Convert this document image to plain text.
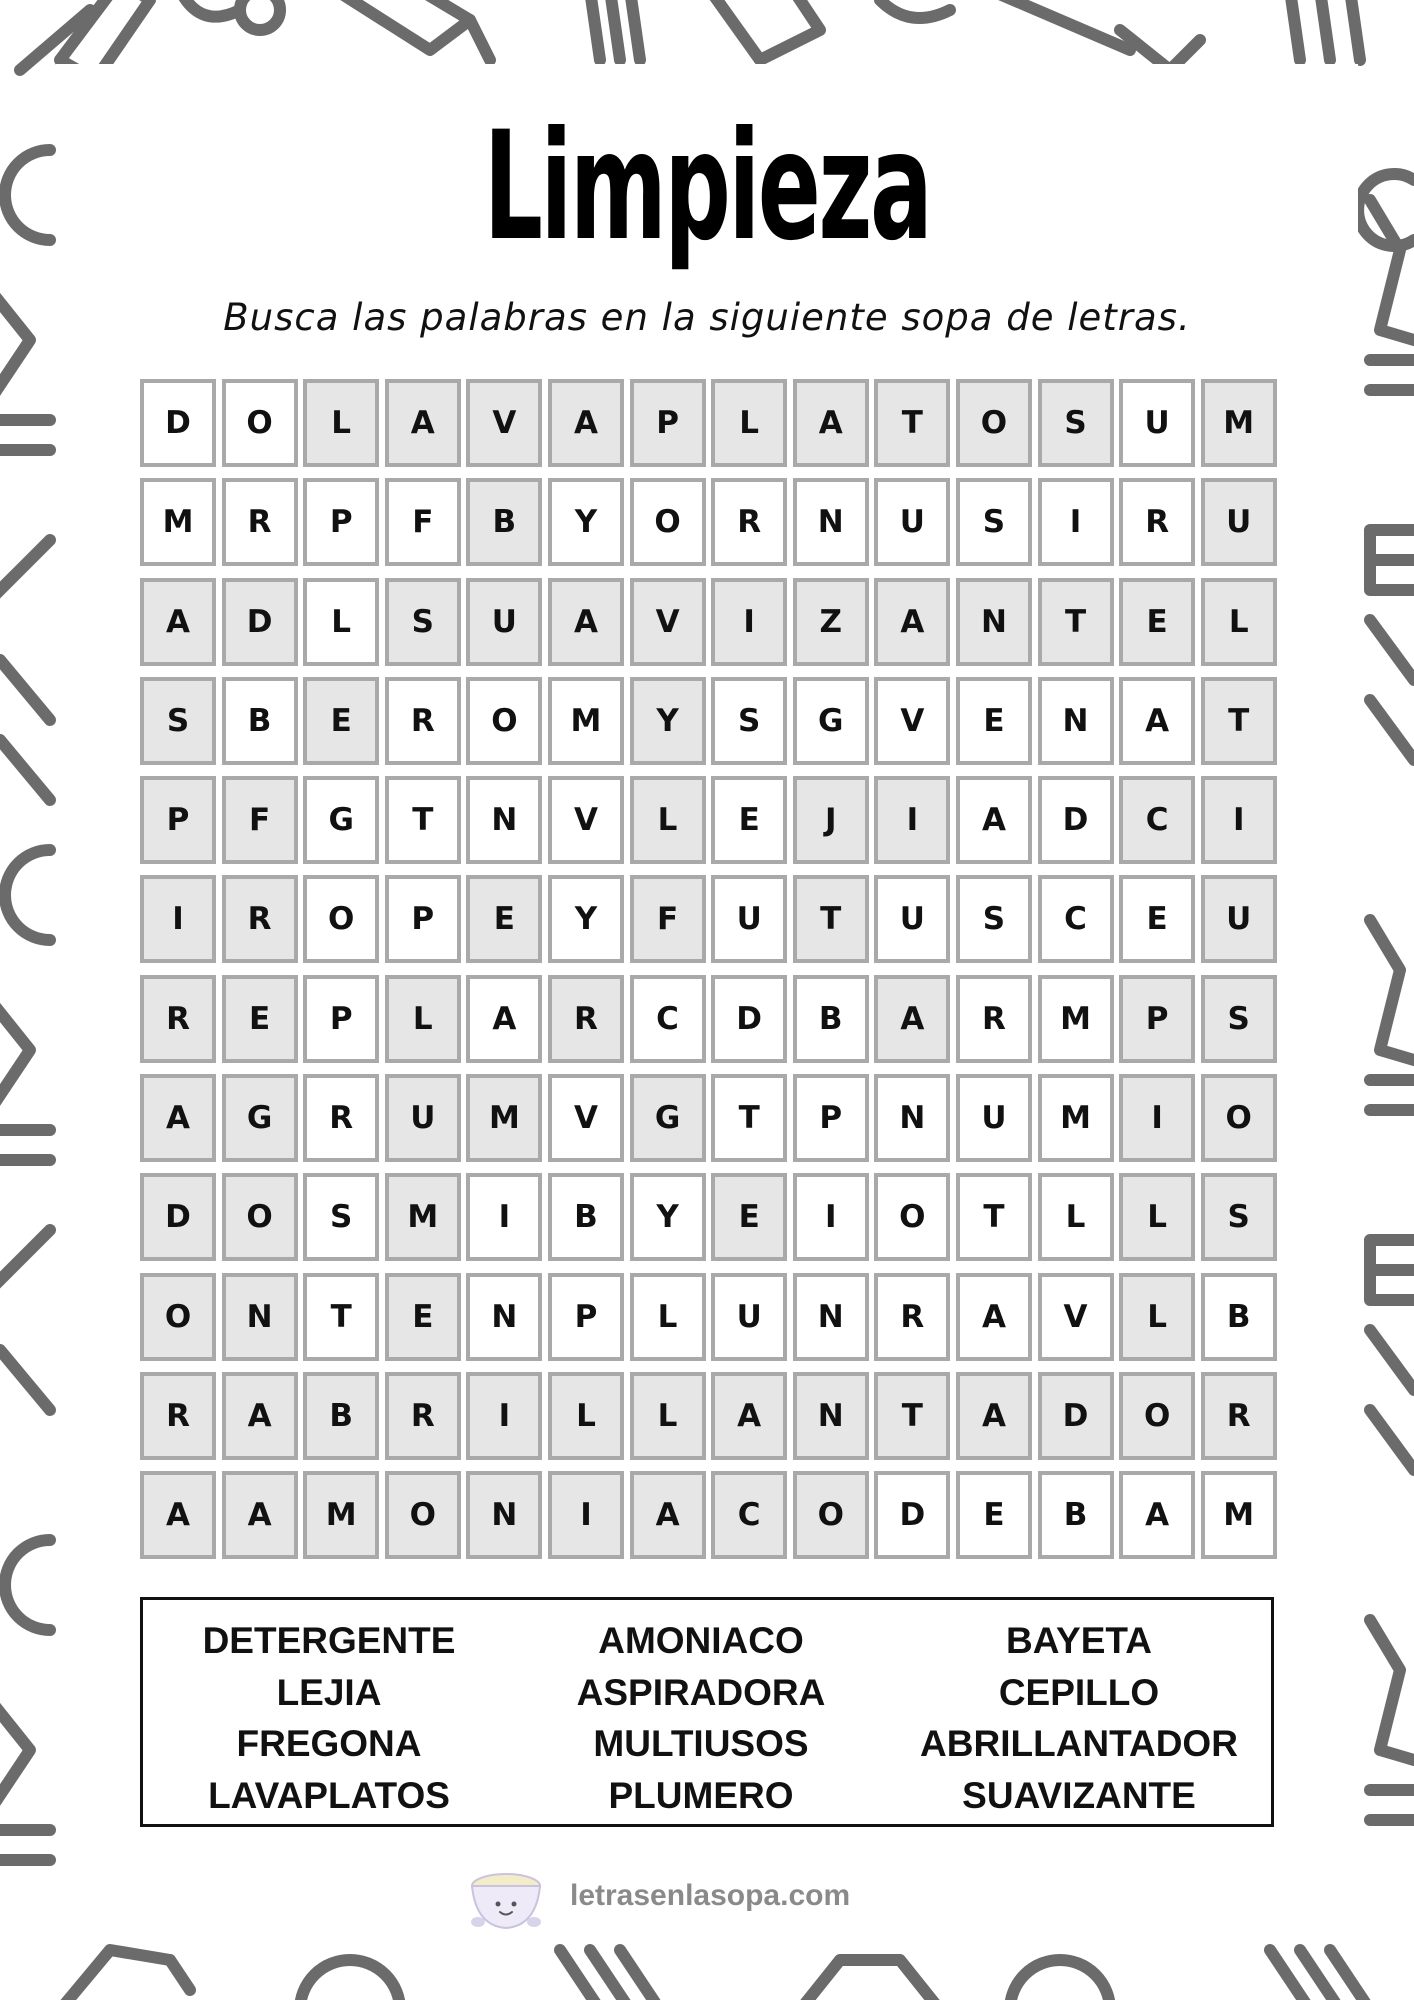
Limpieza
Busca las palabras en la siguiente sopa de letras.
D	O	L	A	V	A	P	L	A	T	O	S	U	M
M	R	P	F	B	Y	O	R	N	U	S	I	R	U
A	D	L	S	U	A	V	I	Z	A	N	T	E	L
S	B	E	R	O	M	Y	S	G	V	E	N	A	T
P	F	G	T	N	V	L	E	J	I	A	D	C	I
I	R	O	P	E	Y	F	U	T	U	S	C	E	U
R	E	P	L	A	R	C	D	B	A	R	M	P	S
A	G	R	U	M	V	G	T	P	N	U	M	I	O
D	O	S	M	I	B	Y	E	I	O	T	L	L	S
O	N	T	E	N	P	L	U	N	R	A	V	L	B
R	A	B	R	I	L	L	A	N	T	A	D	O	R
A	A	M	O	N	I	A	C	O	D	E	B	A	M
DETERGENTE
LEJIA
FREGONA
LAVAPLATOS
AMONIACO
ASPIRADORA
MULTIUSOS
PLUMERO
BAYETA
CEPILLO
ABRILLANTADOR
SUAVIZANTE
letrasenlasopa.com
